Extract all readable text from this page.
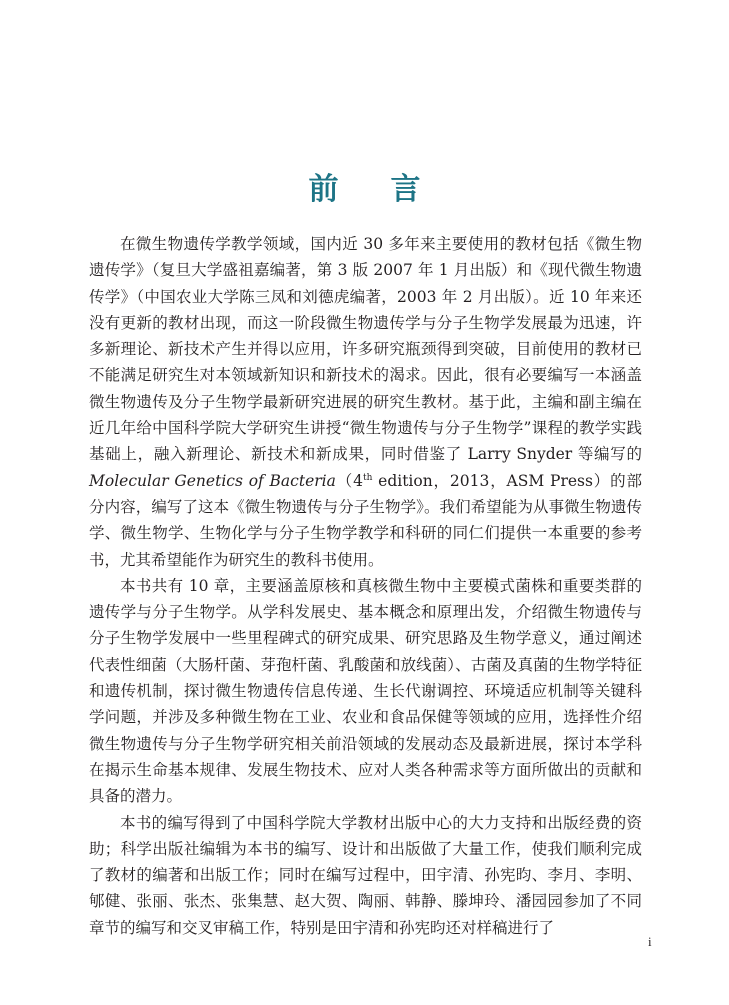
前 言

在微生物遗传学教学领域，国内近 30 多年来主要使用的教材包括《微生物遗传学》（复旦大学盛祖嘉编著，第 3 版 2007 年 1 月出版）和《现代微生物遗传学》（中国农业大学陈三凤和刘德虎编著，2003 年 2 月出版）。近 10 年来还没有更新的教材出现，而这一阶段微生物遗传学与分子生物学发展最为迅速，许多新理论、新技术产生并得以应用，许多研究瓶颈得到突破，目前使用的教材已不能满足研究生对本领域新知识和新技术的渴求。因此，很有必要编写一本涵盖微生物遗传及分子生物学最新研究进展的研究生教材。基于此，主编和副主编在近几年给中国科学院大学研究生讲授“微生物遗传与分子生物学”课程的教学实践基础上，融入新理论、新技术和新成果，同时借鉴了 Larry Snyder 等编写的 Molecular Genetics of Bacteria（4th edition，2013，ASM Press）的部分内容，编写了这本《微生物遗传与分子生物学》。我们希望能为从事微生物遗传学、微生物学、生物化学与分子生物学教学和科研的同仁们提供一本重要的参考书，尤其希望能作为研究生的教科书使用。

本书共有 10 章，主要涵盖原核和真核微生物中主要模式菌株和重要类群的遗传学与分子生物学。从学科发展史、基本概念和原理出发，介绍微生物遗传与分子生物学发展中一些里程碑式的研究成果、研究思路及生物学意义，通过阐述代表性细菌（大肠杆菌、芽孢杆菌、乳酸菌和放线菌）、古菌及真菌的生物学特征和遗传机制，探讨微生物遗传信息传递、生长代谢调控、环境适应机制等关键科学问题，并涉及多种微生物在工业、农业和食品保健等领域的应用，选择性介绍微生物遗传与分子生物学研究相关前沿领域的发展动态及最新进展，探讨本学科在揭示生命基本规律、发展生物技术、应对人类各种需求等方面所做出的贡献和具备的潜力。

本书的编写得到了中国科学院大学教材出版中心的大力支持和出版经费的资助；科学出版社编辑为本书的编写、设计和出版做了大量工作，使我们顺利完成了教材的编著和出版工作；同时在编写过程中，田宇清、孙宪昀、李月、李明、郇健、张丽、张杰、张集慧、赵大贺、陶丽、韩静、滕坤玲、潘园园参加了不同章节的编写和交叉审稿工作，特别是田宇清和孙宪昀还对样稿进行了

i
